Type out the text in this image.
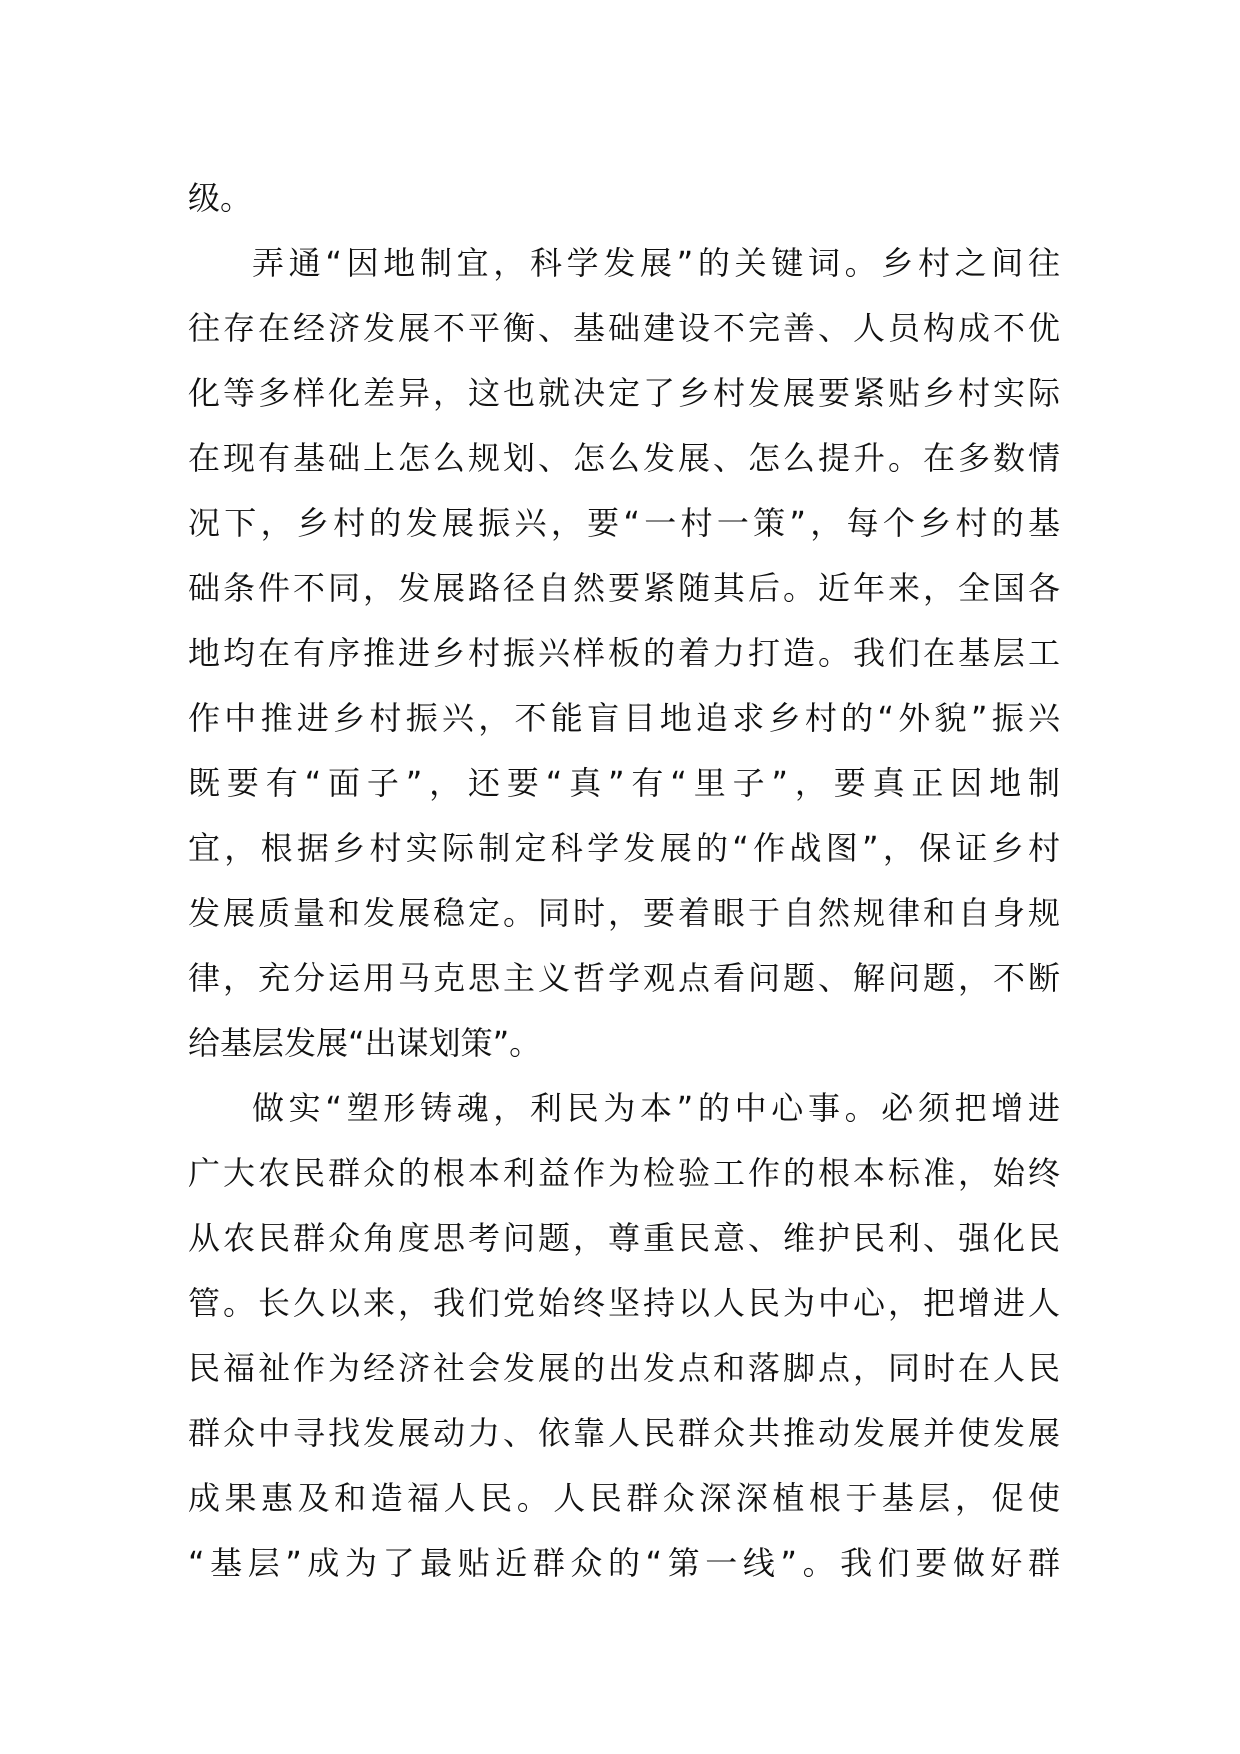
级。
弄通“因地制宜，科学发展”的关键词。乡村之间往
往存在经济发展不平衡、基础建设不完善、人员构成不优
化等多样化差异，这也就决定了乡村发展要紧贴乡村实际
在现有基础上怎么规划、怎么发展、怎么提升。在多数情
况下，乡村的发展振兴，要“一村一策”，每个乡村的基
础条件不同，发展路径自然要紧随其后。近年来，全国各
地均在有序推进乡村振兴样板的着力打造。我们在基层工
作中推进乡村振兴，不能盲目地追求乡村的“外貌”振兴
既要有“面子”，还要“真”有“里子”，要真正因地制
宜，根据乡村实际制定科学发展的“作战图”，保证乡村
发展质量和发展稳定。同时，要着眼于自然规律和自身规
律，充分运用马克思主义哲学观点看问题、解问题，不断
给基层发展“出谋划策”。
做实“塑形铸魂，利民为本”的中心事。必须把增进
广大农民群众的根本利益作为检验工作的根本标准，始终
从农民群众角度思考问题，尊重民意、维护民利、强化民
管。长久以来，我们党始终坚持以人民为中心，把增进人
民福祉作为经济社会发展的出发点和落脚点，同时在人民
群众中寻找发展动力、依靠人民群众共推动发展并使发展
成果惠及和造福人民。人民群众深深植根于基层，促使
“基层”成为了最贴近群众的“第一线”。我们要做好群
